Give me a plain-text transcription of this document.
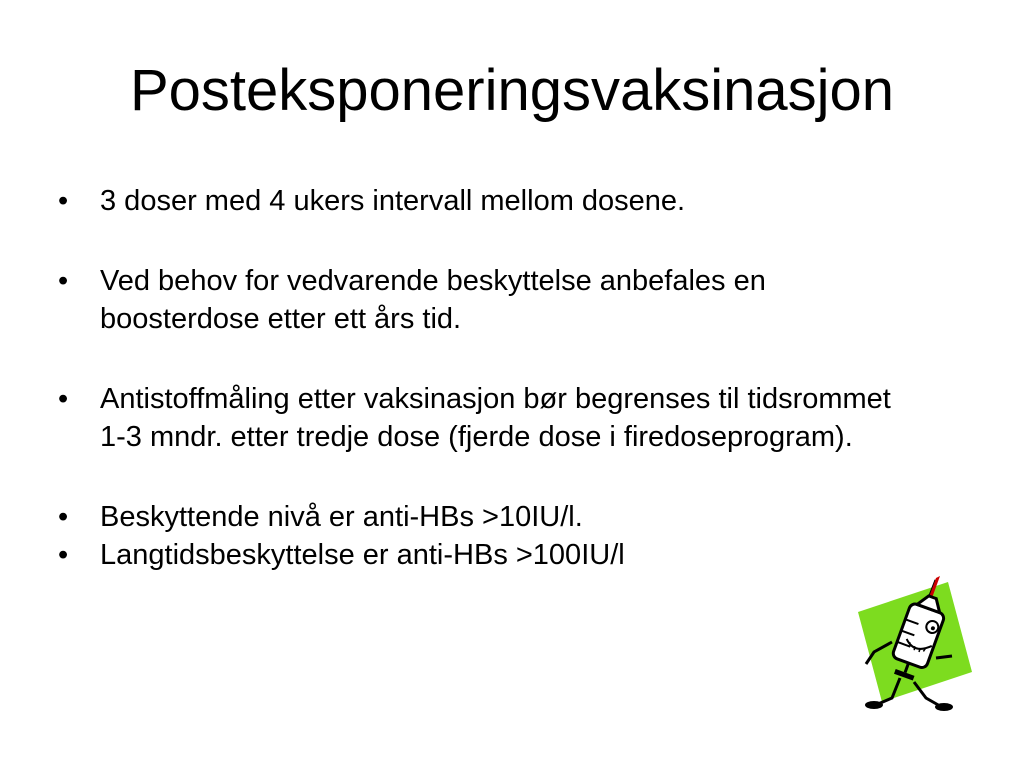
Posteksponeringsvaksinasjon
• 3 doser med 4 ukers intervall mellom dosene.
• Ved behov for vedvarende beskyttelse anbefales en boosterdose etter ett års tid.
• Antistoffmåling etter vaksinasjon bør begrenses til tidsrommet 1-3 mndr. etter tredje dose (fjerde dose i firedoseprogram).
• Beskyttende nivå er anti-HBs >10IU/l.
• Langtidsbeskyttelse er anti-HBs >100IU/l
